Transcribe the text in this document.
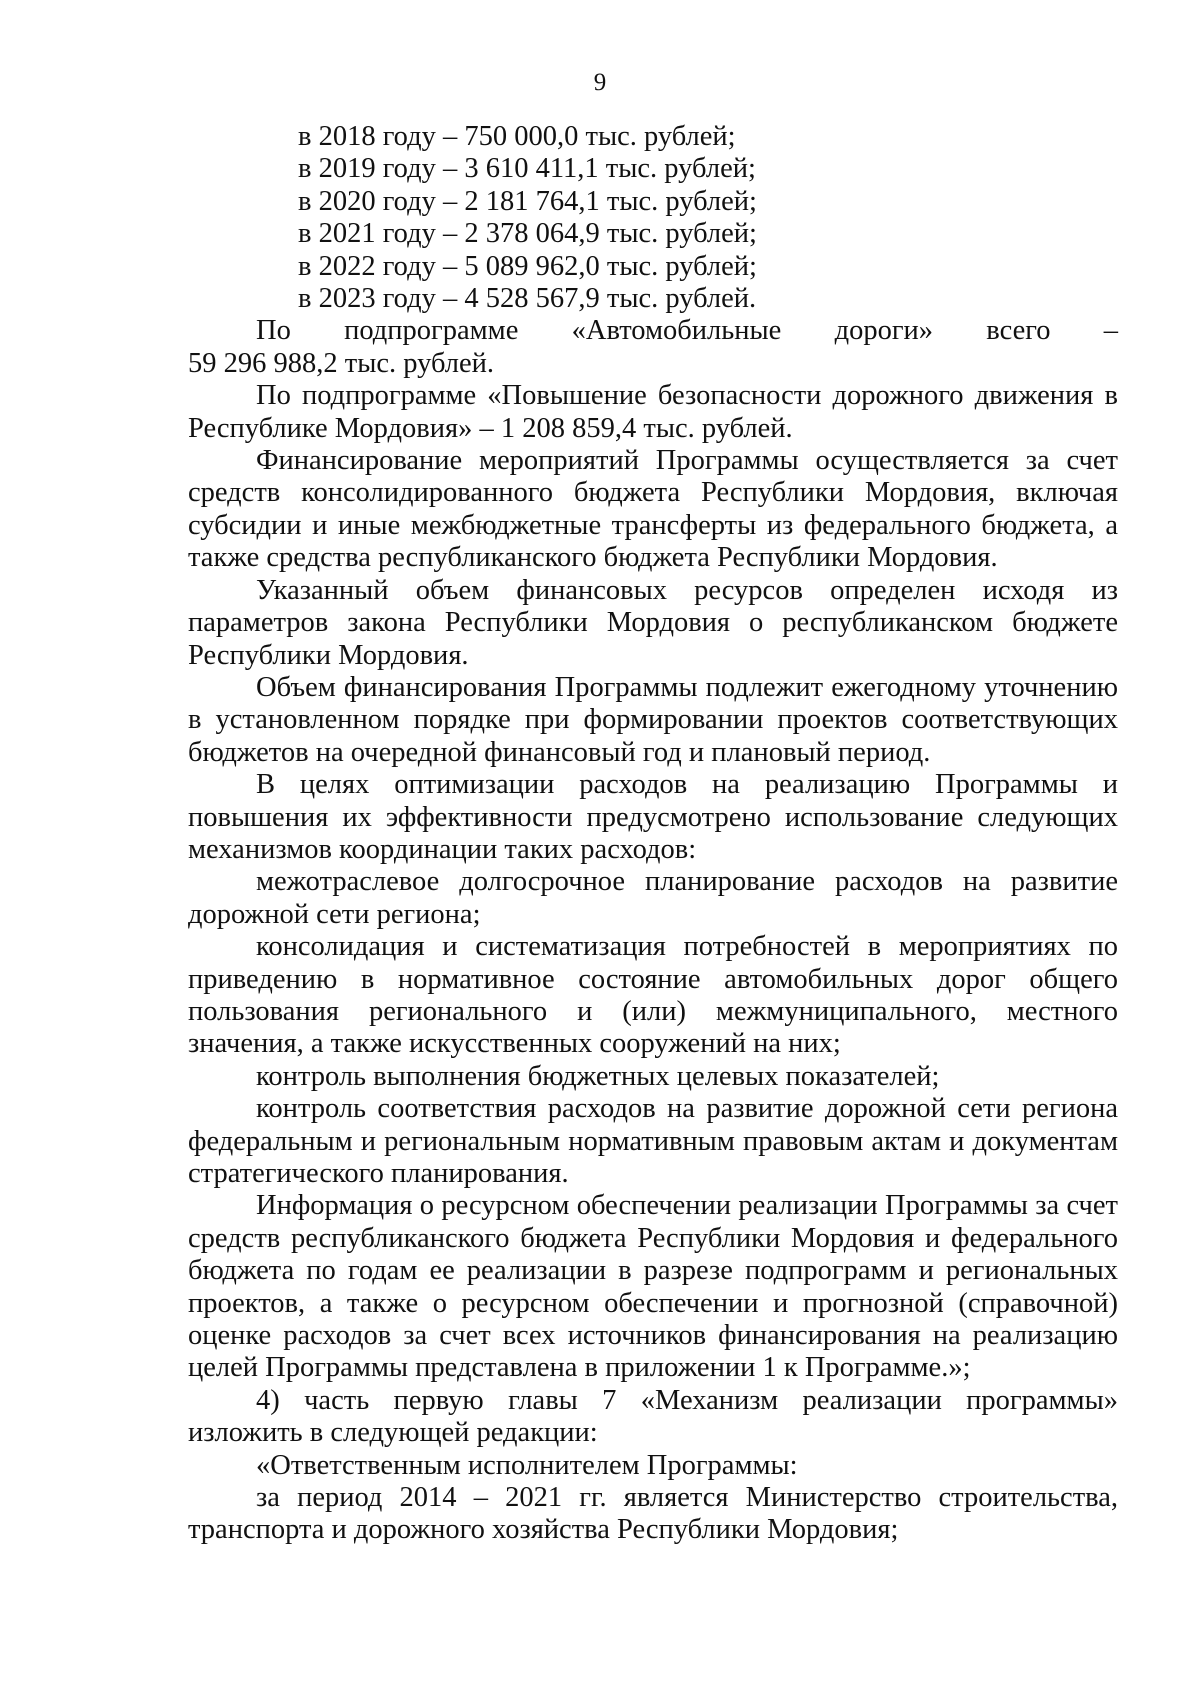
9

в 2018 году – 750 000,0 тыс. рублей;

в 2019 году – 3 610 411,1 тыс. рублей;

в 2020 году – 2 181 764,1 тыс. рублей;

в 2021 году – 2 378 064,9 тыс. рублей;

в 2022 году – 5 089 962,0 тыс. рублей;

в 2023 году – 4 528 567,9 тыс. рублей.

По подпрограмме «Автомобильные дороги» всего –

59 296 988,2 тыс. рублей.

По подпрограмме «Повышение безопасности дорожного движения в Республике Мордовия» – 1 208 859,4 тыс. рублей.

Финансирование мероприятий Программы осуществляется за счет средств консолидированного бюджета Республики Мордовия, включая субсидии и иные межбюджетные трансферты из федерального бюджета, а также средства республиканского бюджета Республики Мордовия.

Указанный объем финансовых ресурсов определен исходя из параметров закона Республики Мордовия о республиканском бюджете Республики Мордовия.

Объем финансирования Программы подлежит ежегодному уточнению в установленном порядке при формировании проектов соответствующих бюджетов на очередной финансовый год и плановый период.

В целях оптимизации расходов на реализацию Программы и повышения их эффективности предусмотрено использование следующих механизмов координации таких расходов:

межотраслевое долгосрочное планирование расходов на развитие дорожной сети региона;

консолидация и систематизация потребностей в мероприятиях по приведению в нормативное состояние автомобильных дорог общего пользования регионального и (или) межмуниципального, местного значения, а также искусственных сооружений на них;

контроль выполнения бюджетных целевых показателей;

контроль соответствия расходов на развитие дорожной сети региона федеральным и региональным нормативным правовым актам и документам стратегического планирования.

Информация о ресурсном обеспечении реализации Программы за счет средств республиканского бюджета Республики Мордовия и федерального бюджета по годам ее реализации в разрезе подпрограмм и региональных проектов, а также о ресурсном обеспечении и прогнозной (справочной) оценке расходов за счет всех источников финансирования на реализацию целей Программы представлена в приложении 1 к Программе.»;

4) часть первую главы 7 «Механизм реализации программы» изложить в следующей редакции:

«Ответственным исполнителем Программы:

за период 2014 – 2021 гг. является Министерство строительства, транспорта и дорожного хозяйства Республики Мордовия;
